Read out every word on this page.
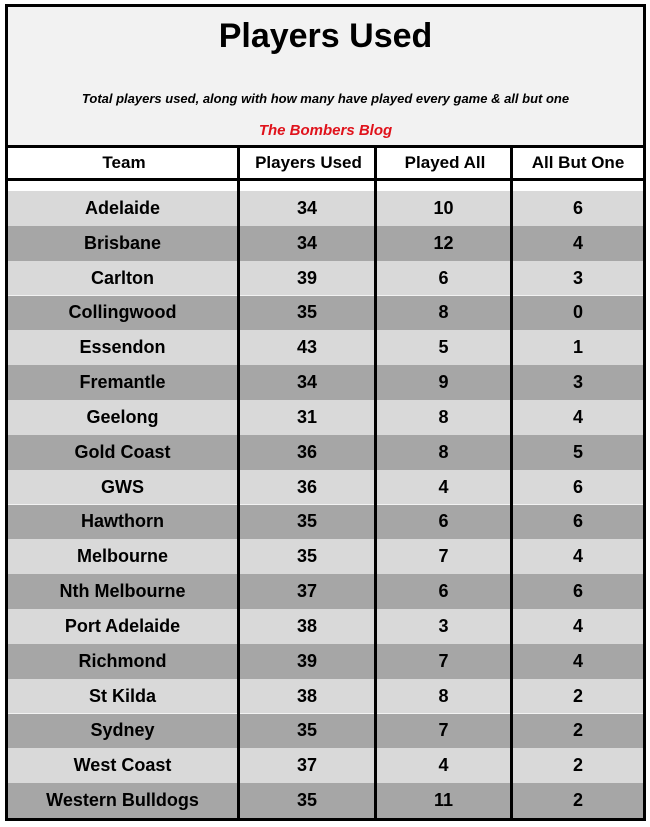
Players Used
Total players used, along with how many have played every game & all but one
The Bombers Blog
Team	Players Used	Played All	All But One
Adelaide	34	10	6
Brisbane	34	12	4
Carlton	39	6	3
Collingwood	35	8	0
Essendon	43	5	1
Fremantle	34	9	3
Geelong	31	8	4
Gold Coast	36	8	5
GWS	36	4	6
Hawthorn	35	6	6
Melbourne	35	7	4
Nth Melbourne	37	6	6
Port Adelaide	38	3	4
Richmond	39	7	4
St Kilda	38	8	2
Sydney	35	7	2
West Coast	37	4	2
Western Bulldogs	35	11	2
